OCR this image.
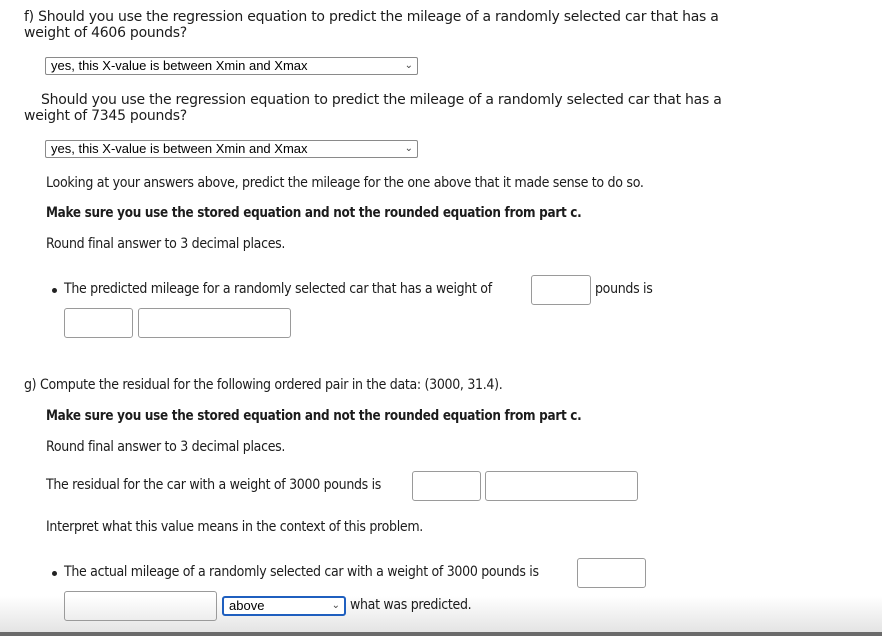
f) Should you use the regression equation to predict the mileage of a randomly selected car that has a
weight of 4606 pounds?
yes, this X-value is between Xmin and Xmax	⌄
Should you use the regression equation to predict the mileage of a randomly selected car that has a
weight of 7345 pounds?
yes, this X-value is between Xmin and Xmax	⌄
Looking at your answers above, predict the mileage for the one above that it made sense to do so.
Make sure you use the stored equation and not the rounded equation from part c.
Round final answer to 3 decimal places.
The predicted mileage for a randomly selected car that has a weight of	pounds is
g) Compute the residual for the following ordered pair in the data: (3000, 31.4).
Make sure you use the stored equation and not the rounded equation from part c.
Round final answer to 3 decimal places.
The residual for the car with a weight of 3000 pounds is
Interpret what this value means in the context of this problem.
The actual mileage of a randomly selected car with a weight of 3000 pounds is
above	⌄ what was predicted.
